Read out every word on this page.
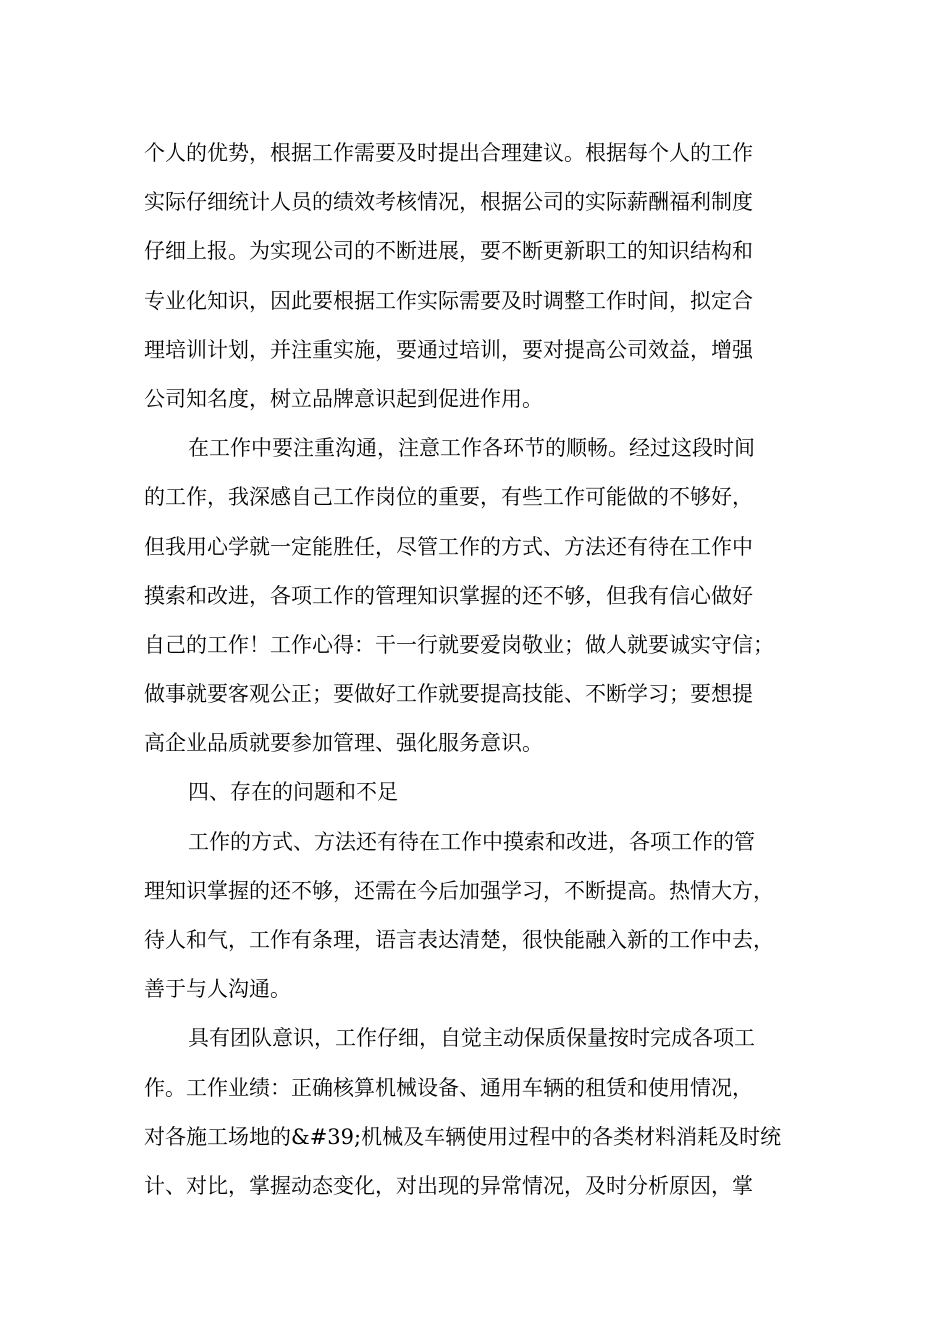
个人的优势，根据工作需要及时提出合理建议。根据每个人的工作
实际仔细统计人员的绩效考核情况，根据公司的实际薪酬福利制度
仔细上报。为实现公司的不断进展，要不断更新职工的知识结构和
专业化知识，因此要根据工作实际需要及时调整工作时间，拟定合
理培训计划，并注重实施，要通过培训，要对提高公司效益，增强
公司知名度，树立品牌意识起到促进作用。
在工作中要注重沟通，注意工作各环节的顺畅。经过这段时间
的工作，我深感自己工作岗位的重要，有些工作可能做的不够好，
但我用心学就一定能胜任，尽管工作的方式、方法还有待在工作中
摸索和改进，各项工作的管理知识掌握的还不够，但我有信心做好
自己的工作！工作心得：干一行就要爱岗敬业；做人就要诚实守信；
做事就要客观公正；要做好工作就要提高技能、不断学习；要想提
高企业品质就要参加管理、强化服务意识。
四、存在的问题和不足
工作的方式、方法还有待在工作中摸索和改进，各项工作的管
理知识掌握的还不够，还需在今后加强学习，不断提高。热情大方，
待人和气，工作有条理，语言表达清楚，很快能融入新的工作中去，
善于与人沟通。
具有团队意识，工作仔细，自觉主动保质保量按时完成各项工
作。工作业绩：正确核算机械设备、通用车辆的租赁和使用情况，
对各施工场地的&#39;机械及车辆使用过程中的各类材料消耗及时统
计、对比，掌握动态变化，对出现的异常情况，及时分析原因，掌
